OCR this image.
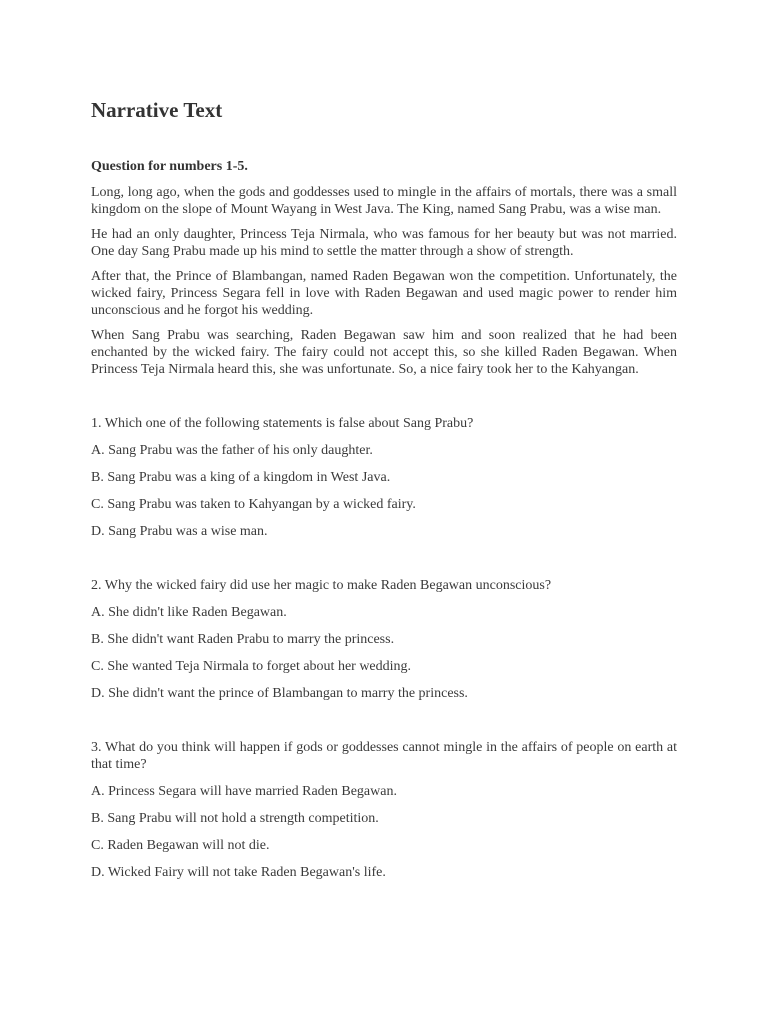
Narrative Text
Question for numbers 1-5.

Long, long ago, when the gods and goddesses used to mingle in the affairs of mortals, there was a small kingdom on the slope of Mount Wayang in West Java. The King, named Sang Prabu, was a wise man.

He had an only daughter, Princess Teja Nirmala, who was famous for her beauty but was not married. One day Sang Prabu made up his mind to settle the matter through a show of strength.

After that, the Prince of Blambangan, named Raden Begawan won the competition. Unfortunately, the wicked fairy, Princess Segara fell in love with Raden Begawan and used magic power to render him unconscious and he forgot his wedding.

When Sang Prabu was searching, Raden Begawan saw him and soon realized that he had been enchanted by the wicked fairy. The fairy could not accept this, so she killed Raden Begawan. When Princess Teja Nirmala heard this, she was unfortunate. So, a nice fairy took her to the Kahyangan.

1. Which one of the following statements is false about Sang Prabu?
A. Sang Prabu was the father of his only daughter.
B. Sang Prabu was a king of a kingdom in West Java.
C. Sang Prabu was taken to Kahyangan by a wicked fairy.
D. Sang Prabu was a wise man.
2. Why the wicked fairy did use her magic to make Raden Begawan unconscious?
A. She didn't like Raden Begawan.
B. She didn't want Raden Prabu to marry the princess.
C. She wanted Teja Nirmala to forget about her wedding.
D. She didn't want the prince of Blambangan to marry the princess.
3. What do you think will happen if gods or goddesses cannot mingle in the affairs of people on earth at that time?
A. Princess Segara will have married Raden Begawan.
B. Sang Prabu will not hold a strength competition.
C. Raden Begawan will not die.
D. Wicked Fairy will not take Raden Begawan's life.
